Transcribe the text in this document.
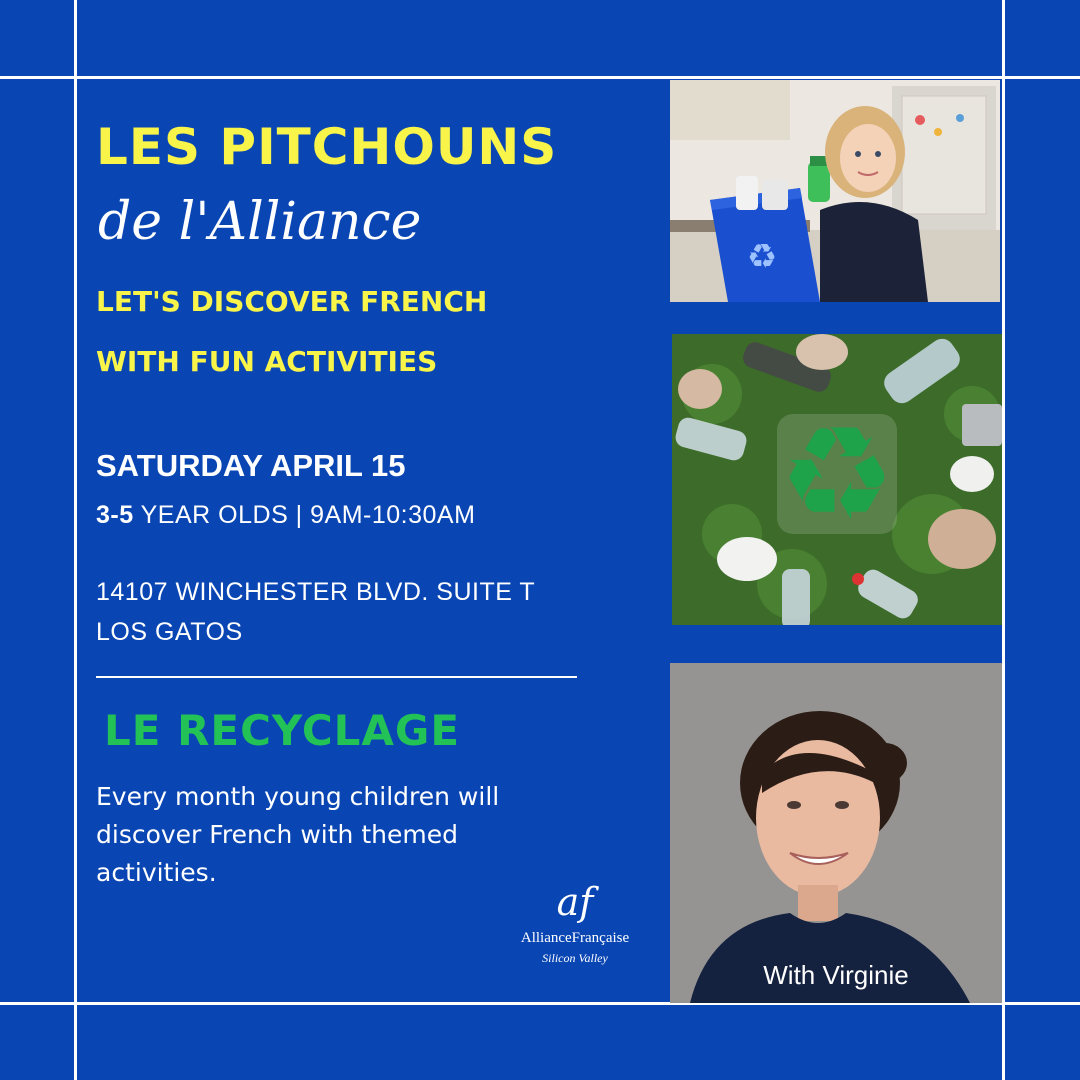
LES PITCHOUNS
de l'Alliance
LET'S DISCOVER FRENCH
WITH FUN ACTIVITIES
SATURDAY APRIL 15
3-5 YEAR OLDS | 9AM-10:30AM
14107 WINCHESTER BLVD. SUITE T
LOS GATOS
LE RECYCLAGE
Every month young children will discover French with themed activities.
af
AllianceFrançaise
Silicon Valley
♻
♻
With Virginie
